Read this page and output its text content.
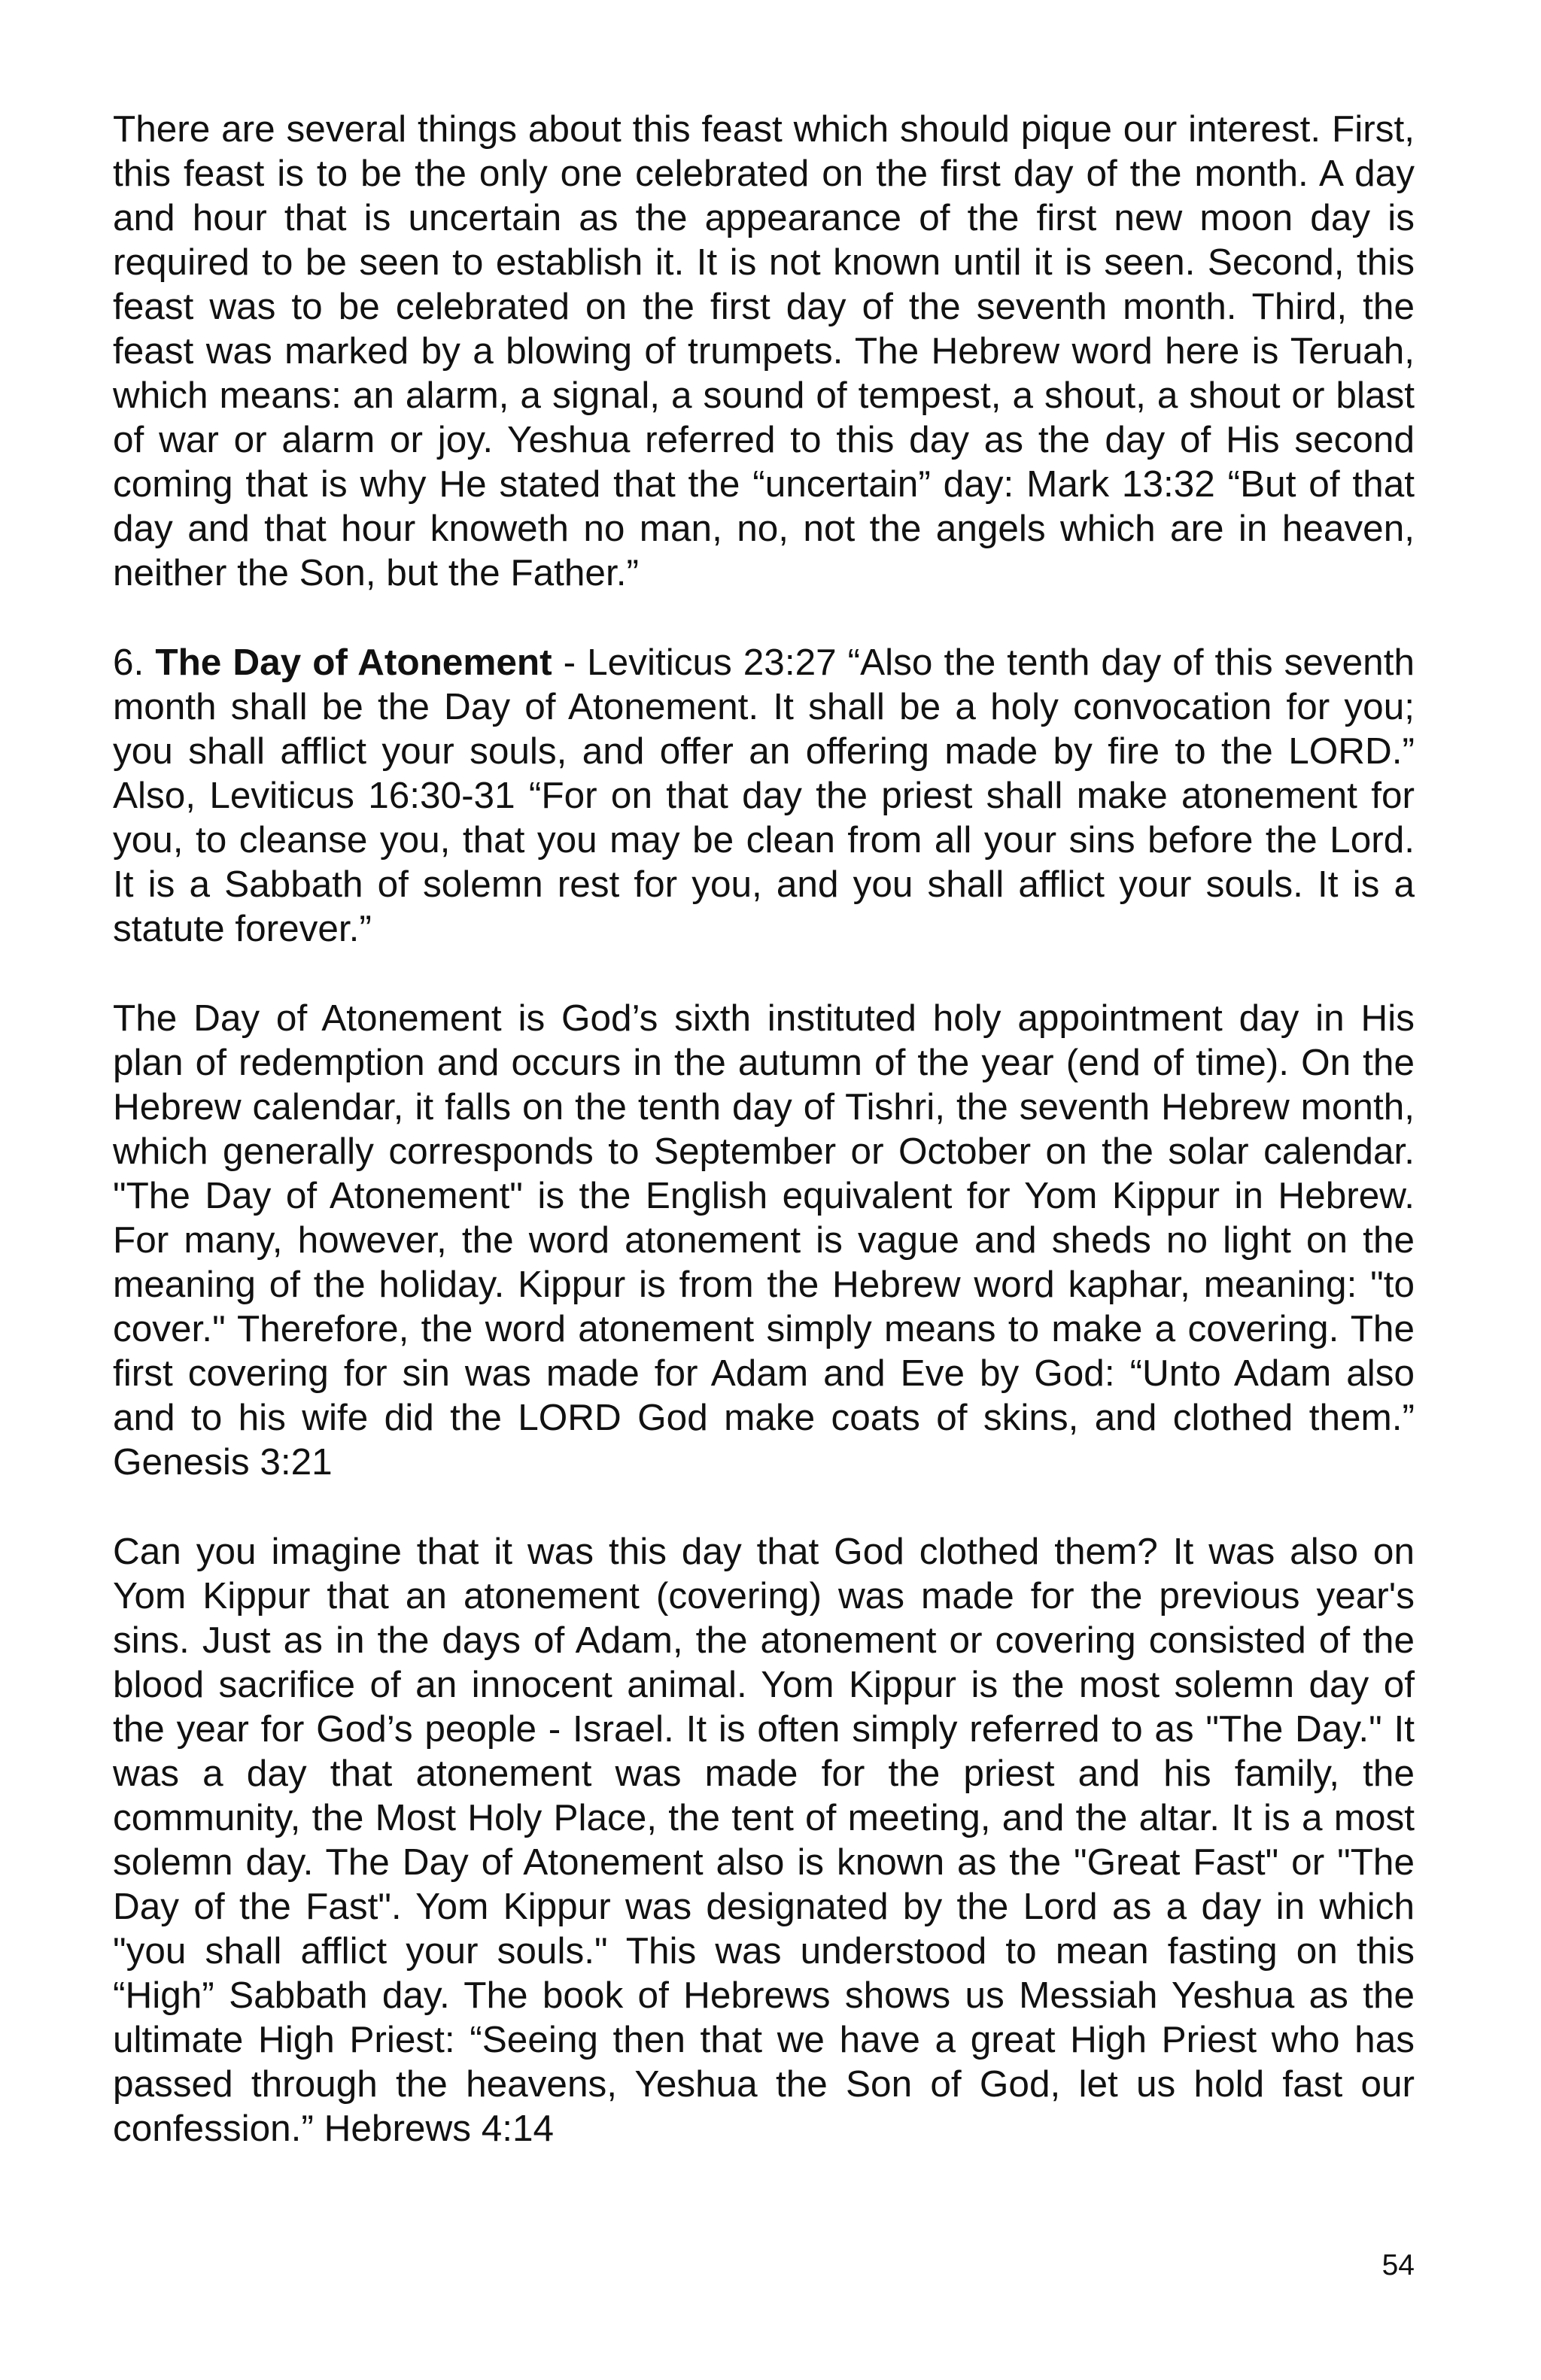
There are several things about this feast which should pique our interest. First, this feast is to be the only one celebrated on the first day of the month. A day and hour that is uncertain as the appearance of the first new moon day is required to be seen to establish it. It is not known until it is seen. Second, this feast was to be celebrated on the first day of the seventh month. Third, the feast was marked by a blowing of trumpets. The Hebrew word here is Teruah, which means: an alarm, a signal, a sound of tempest, a shout, a shout or blast of war or alarm or joy. Yeshua referred to this day as the day of His second coming that is why He stated that the “uncertain” day: Mark 13:32 “But of that day and that hour knoweth no man, no, not the angels which are in heaven, neither the Son, but the Father.”

6. The Day of Atonement - Leviticus 23:27 “Also the tenth day of this seventh month shall be the Day of Atonement. It shall be a holy convocation for you; you shall afflict your souls, and offer an offering made by fire to the LORD.” Also, Leviticus 16:30-31 “For on that day the priest shall make atonement for you, to cleanse you, that you may be clean from all your sins before the Lord. It is a Sabbath of solemn rest for you, and you shall afflict your souls. It is a statute forever.”

The Day of Atonement is God’s sixth instituted holy appointment day in His plan of redemption and occurs in the autumn of the year (end of time). On the Hebrew calendar, it falls on the tenth day of Tishri, the seventh Hebrew month, which generally corresponds to September or October on the solar calendar. "The Day of Atonement" is the English equivalent for Yom Kippur in Hebrew. For many, however, the word atonement is vague and sheds no light on the meaning of the holiday. Kippur is from the Hebrew word kaphar, meaning: "to cover." Therefore, the word atonement simply means to make a covering. The first covering for sin was made for Adam and Eve by God: “Unto Adam also and to his wife did the LORD God make coats of skins, and clothed them.” Genesis 3:21

Can you imagine that it was this day that God clothed them? It was also on Yom Kippur that an atonement (covering) was made for the previous year's sins. Just as in the days of Adam, the atonement or covering consisted of the blood sacrifice of an innocent animal. Yom Kippur is the most solemn day of the year for God’s people - Israel. It is often simply referred to as "The Day." It was a day that atonement was made for the priest and his family, the community, the Most Holy Place, the tent of meeting, and the altar. It is a most solemn day. The Day of Atonement also is known as the "Great Fast" or "The Day of the Fast". Yom Kippur was designated by the Lord as a day in which "you shall afflict your souls." This was understood to mean fasting on this “High” Sabbath day. The book of Hebrews shows us Messiah Yeshua as the ultimate High Priest: “Seeing then that we have a great High Priest who has passed through the heavens, Yeshua the Son of God, let us hold fast our confession.” Hebrews 4:14

54
